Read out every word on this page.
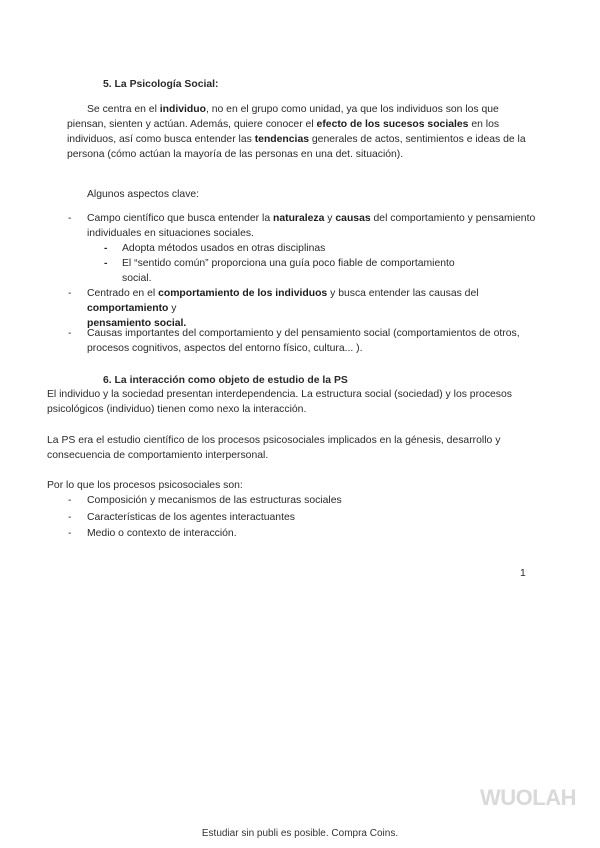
5. La Psicología Social:
Se centra en el individuo, no en el grupo como unidad, ya que los individuos son los que piensan, sienten y actúan. Además, quiere conocer el efecto de los sucesos sociales en los individuos, así como busca entender las tendencias generales de actos, sentimientos e ideas de la persona (cómo actúan la mayoría de las personas en una det. situación).
Algunos aspectos clave:
- Campo científico que busca entender la naturaleza y causas del comportamiento y pensamiento individuales en situaciones sociales.
- Adopta métodos usados en otras disciplinas
- El “sentido común” proporciona una guía poco fiable de comportamiento social.
- Centrado en el comportamiento de los individuos y busca entender las causas del comportamiento y
pensamiento social.
- Causas importantes del comportamiento y del pensamiento social (comportamientos de otros, procesos cognitivos, aspectos del entorno físico, cultura... ).
6. La interacción como objeto de estudio de la PS
El individuo y la sociedad presentan interdependencia. La estructura social (sociedad) y los procesos psicológicos (individuo) tienen como nexo la interacción.
La PS era el estudio científico de los procesos psicosociales implicados en la génesis, desarrollo y consecuencia de comportamiento interpersonal.
Por lo que los procesos psicosociales son:
- Composición y mecanismos de las estructuras sociales
- Características de los agentes interactuantes
- Medio o contexto de interacción.
1
WUOLAH
Estudiar sin publi es posible. Compra Coins.
